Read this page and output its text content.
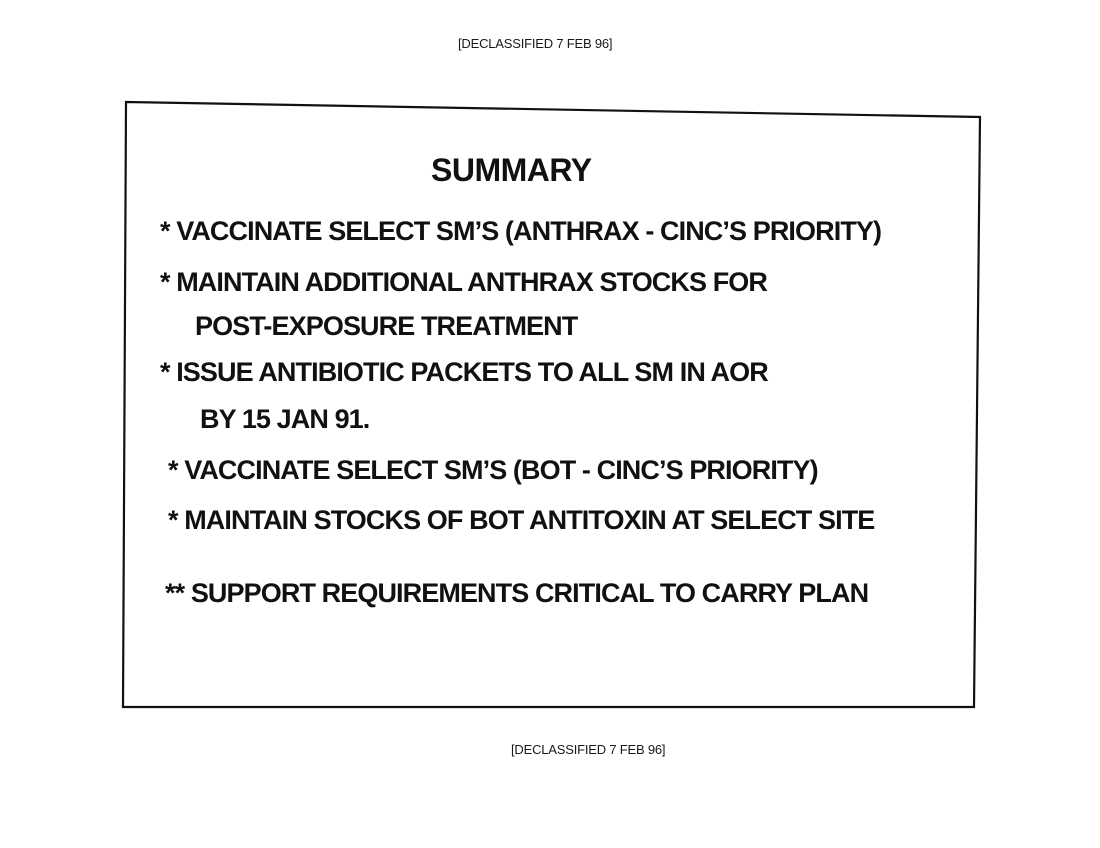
[DECLASSIFIED 7 FEB 96]
SUMMARY
* VACCINATE SELECT SM’S (ANTHRAX - CINC’S PRIORITY)
* MAINTAIN ADDITIONAL ANTHRAX STOCKS FOR
POST-EXPOSURE TREATMENT
* ISSUE ANTIBIOTIC PACKETS TO ALL SM IN AOR
BY 15 JAN 91.
* VACCINATE SELECT SM’S (BOT - CINC’S PRIORITY)
* MAINTAIN STOCKS OF BOT ANTITOXIN AT SELECT SITE
** SUPPORT REQUIREMENTS CRITICAL TO CARRY PLAN
[DECLASSIFIED 7 FEB 96]
